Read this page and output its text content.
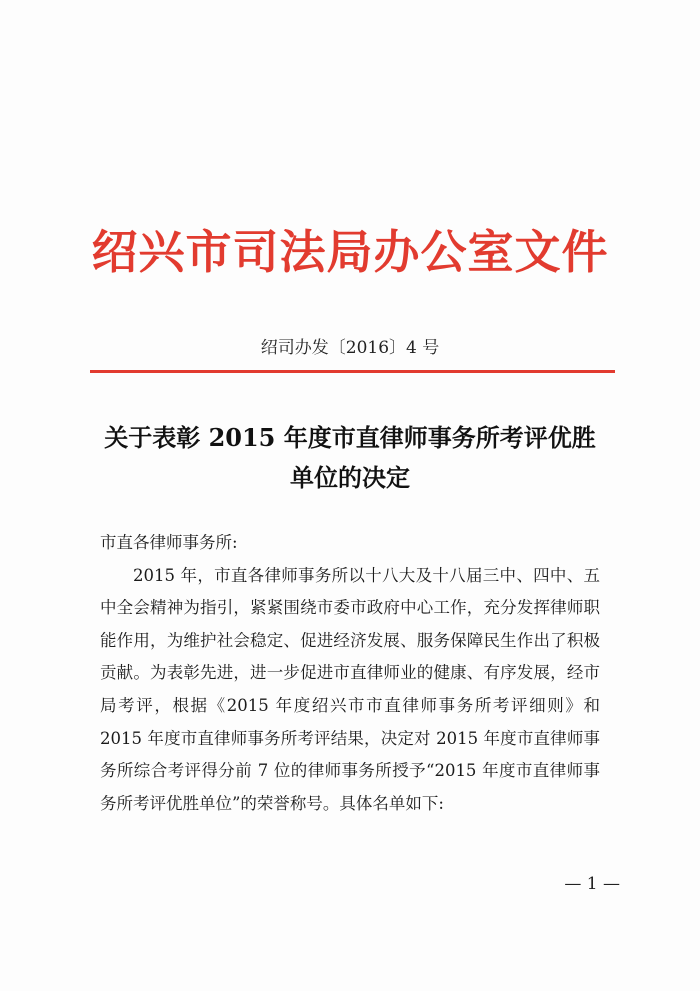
绍兴市司法局办公室文件
绍司办发〔2016〕4 号
关于表彰 2015 年度市直律师事务所考评优胜
单位的决定

市直各律师事务所:

2015 年，市直各律师事务所以十八大及十八届三中、四中、五中全会精神为指引，紧紧围绕市委市政府中心工作，充分发挥律师职能作用，为维护社会稳定、促进经济发展、服务保障民生作出了积极贡献。为表彰先进，进一步促进市直律师业的健康、有序发展，经市局考评，根据《2015 年度绍兴市市直律师事务所考评细则》和 2015 年度市直律师事务所考评结果，决定对 2015 年度市直律师事务所综合考评得分前 7 位的律师事务所授予“2015 年度市直律师事务所考评优胜单位”的荣誉称号。具体名单如下:

— 1 —
